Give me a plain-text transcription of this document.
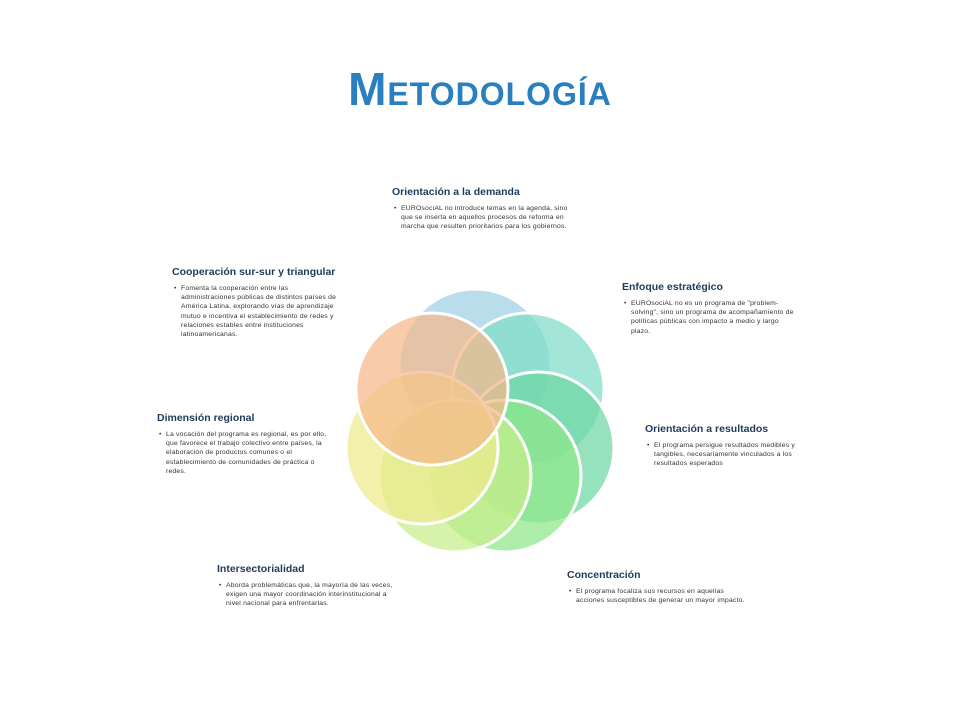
Metodología

Orientación a la demanda

• EUROsociAL no introduce temas en la agenda, sino que se inserta en aquellos procesos de reforma en marcha que resulten prioritarios para los gobiernos.

Enfoque estratégico

• EUROsociAL no es un programa de "problem-solving", sino un programa de acompañamiento de políticas públicas con impacto a medio y largo plazo.

Orientación a resultados

• El programa persigue resultados medibles y tangibles, necesariamente vinculados a los resultados esperados

Concentración

• El programa focaliza sus recursos en aquellas acciones susceptibles de generar un mayor impacto.

Intersectorialidad

• Aborda problemáticas que, la mayoría de las veces, exigen una mayor coordinación interinstitucional a nivel nacional para enfrentarlas.

Dimensión regional

• La vocación del programa es regional, es por ello, que favorece el trabajo colectivo entre países, la elaboración de productos comunes o el establecimiento de comunidades de práctica o redes.

Cooperación sur-sur y triangular

• Fomenta la cooperación entre las administraciones públicas de distintos países de América Latina, explorando vías de aprendizaje mutuo e incentiva el establecimiento de redes y relaciones estables entre instituciones latinoamericanas.
